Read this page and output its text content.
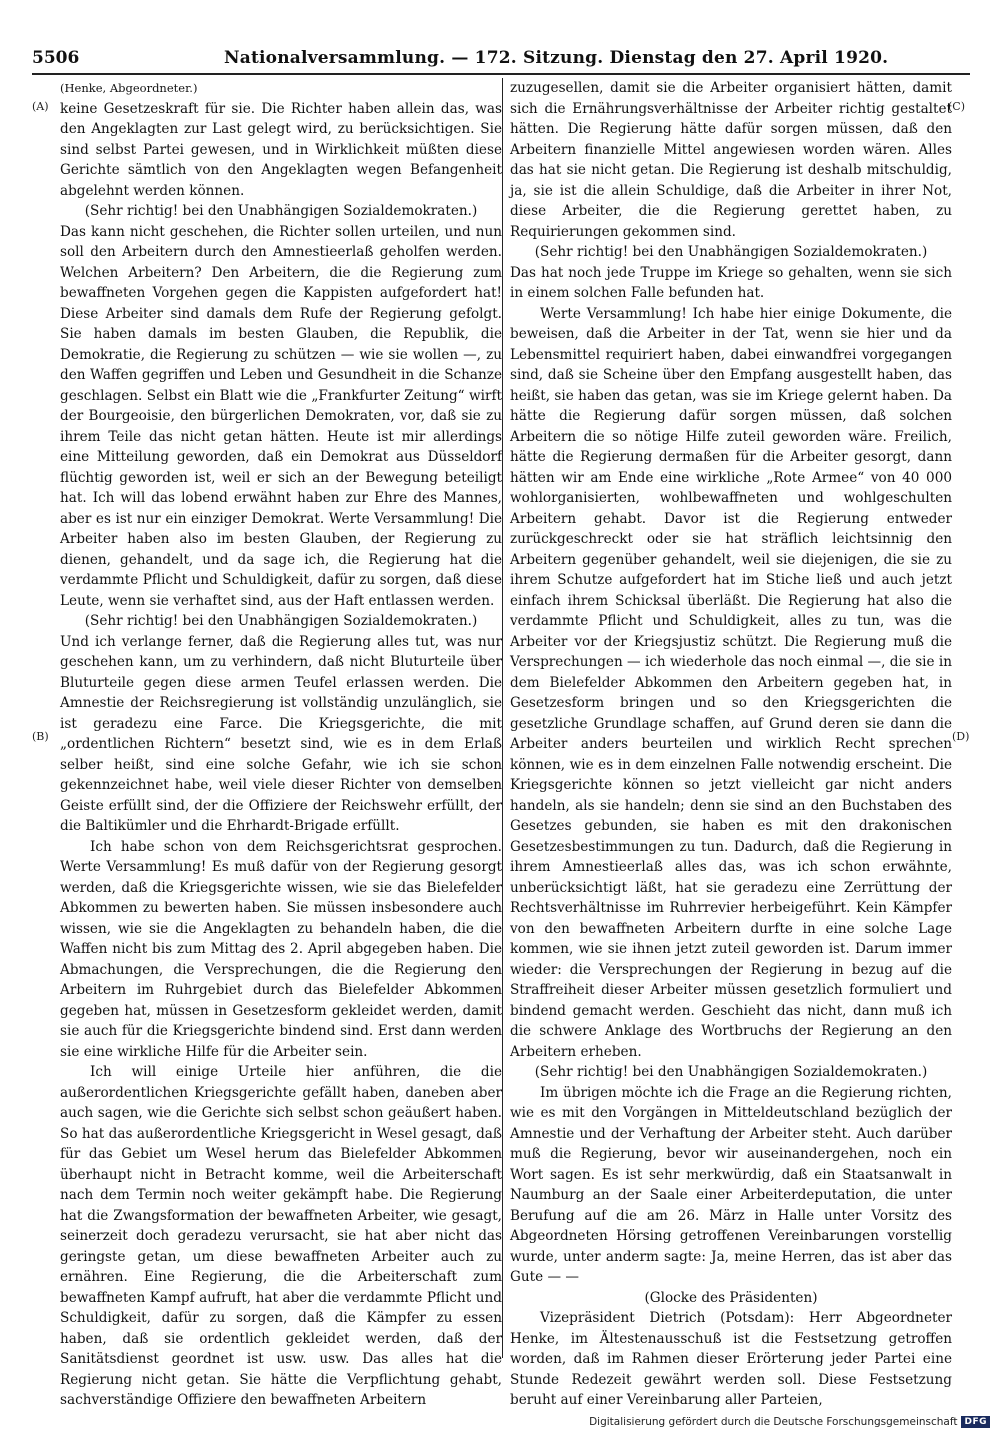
5506	Nationalversammlung. — 172. Sitzung. Dienstag den 27. April 1920.
(A)
(B)
(C)
(D)

(Henke, Abgeordneter.)

keine Gesetzeskraft für sie. Die Richter haben allein das, was den Angeklagten zur Last gelegt wird, zu berücksichtigen. Sie sind selbst Partei gewesen, und in Wirklichkeit müßten diese Gerichte sämtlich von den Angeklagten wegen Befangenheit abgelehnt werden können.

(Sehr richtig! bei den Unabhängigen Sozialdemokraten.)

Das kann nicht geschehen, die Richter sollen urteilen, und nun soll den Arbeitern durch den Amnestieerlaß geholfen werden. Welchen Arbeitern? Den Arbeitern, die die Regierung zum bewaffneten Vorgehen gegen die Kappisten aufgefordert hat! Diese Arbeiter sind damals dem Rufe der Regierung gefolgt. Sie haben damals im besten Glauben, die Republik, die Demokratie, die Regierung zu schützen — wie sie wollen —, zu den Waffen gegriffen und Leben und Gesundheit in die Schanze geschlagen. Selbst ein Blatt wie die „Frankfurter Zeitung“ wirft der Bourgeoisie, den bürgerlichen Demokraten, vor, daß sie zu ihrem Teile das nicht getan hätten. Heute ist mir allerdings eine Mitteilung geworden, daß ein Demokrat aus Düsseldorf flüchtig geworden ist, weil er sich an der Bewegung beteiligt hat. Ich will das lobend erwähnt haben zur Ehre des Mannes, aber es ist nur ein einziger Demokrat. Werte Versammlung! Die Arbeiter haben also im besten Glauben, der Regierung zu dienen, gehandelt, und da sage ich, die Regierung hat die verdammte Pflicht und Schuldigkeit, dafür zu sorgen, daß diese Leute, wenn sie verhaftet sind, aus der Haft entlassen werden.

(Sehr richtig! bei den Unabhängigen Sozialdemokraten.)

Und ich verlange ferner, daß die Regierung alles tut, was nur geschehen kann, um zu verhindern, daß nicht Bluturteile über Bluturteile gegen diese armen Teufel erlassen werden. Die Amnestie der Reichsregierung ist vollständig unzulänglich, sie ist geradezu eine Farce. Die Kriegsgerichte, die mit „ordentlichen Richtern“ besetzt sind, wie es in dem Erlaß selber heißt, sind eine solche Gefahr, wie ich sie schon gekennzeichnet habe, weil viele dieser Richter von demselben Geiste erfüllt sind, der die Offiziere der Reichswehr erfüllt, der die Baltikümler und die Ehrhardt-Brigade erfüllt.

Ich habe schon von dem Reichsgerichtsrat gesprochen. Werte Versammlung! Es muß dafür von der Regierung gesorgt werden, daß die Kriegsgerichte wissen, wie sie das Bielefelder Abkommen zu bewerten haben. Sie müssen insbesondere auch wissen, wie sie die Angeklagten zu behandeln haben, die die Waffen nicht bis zum Mittag des 2. April abgegeben haben. Die Abmachungen, die Versprechungen, die die Regierung den Arbeitern im Ruhrgebiet durch das Bielefelder Abkommen gegeben hat, müssen in Gesetzesform gekleidet werden, damit sie auch für die Kriegsgerichte bindend sind. Erst dann werden sie eine wirkliche Hilfe für die Arbeiter sein.

Ich will einige Urteile hier anführen, die die außerordentlichen Kriegsgerichte gefällt haben, daneben aber auch sagen, wie die Gerichte sich selbst schon geäußert haben. So hat das außerordentliche Kriegsgericht in Wesel gesagt, daß für das Gebiet um Wesel herum das Bielefelder Abkommen überhaupt nicht in Betracht komme, weil die Arbeiterschaft nach dem Termin noch weiter gekämpft habe. Die Regierung hat die Zwangsformation der bewaffneten Arbeiter, wie gesagt, seinerzeit doch geradezu verursacht, sie hat aber nicht das geringste getan, um diese bewaffneten Arbeiter auch zu ernähren. Eine Regierung, die die Arbeiterschaft zum bewaffneten Kampf aufruft, hat aber die verdammte Pflicht und Schuldigkeit, dafür zu sorgen, daß die Kämpfer zu essen haben, daß sie ordentlich gekleidet werden, daß der Sanitätsdienst geordnet ist usw. usw. Das alles hat die Regierung nicht getan. Sie hätte die Verpflichtung gehabt, sachverständige Offiziere den bewaffneten Arbeitern

zuzugesellen, damit sie die Arbeiter organisiert hätten, damit sich die Ernährungsverhältnisse der Arbeiter richtig gestaltet hätten. Die Regierung hätte dafür sorgen müssen, daß den Arbeitern finanzielle Mittel angewiesen worden wären. Alles das hat sie nicht getan. Die Regierung ist deshalb mitschuldig, ja, sie ist die allein Schuldige, daß die Arbeiter in ihrer Not, diese Arbeiter, die die Regierung gerettet haben, zu Requirierungen gekommen sind.

(Sehr richtig! bei den Unabhängigen Sozialdemokraten.)

Das hat noch jede Truppe im Kriege so gehalten, wenn sie sich in einem solchen Falle befunden hat.

Werte Versammlung! Ich habe hier einige Dokumente, die beweisen, daß die Arbeiter in der Tat, wenn sie hier und da Lebensmittel requiriert haben, dabei einwandfrei vorgegangen sind, daß sie Scheine über den Empfang ausgestellt haben, das heißt, sie haben das getan, was sie im Kriege gelernt haben. Da hätte die Regierung dafür sorgen müssen, daß solchen Arbeitern die so nötige Hilfe zuteil geworden wäre. Freilich, hätte die Regierung dermaßen für die Arbeiter gesorgt, dann hätten wir am Ende eine wirkliche „Rote Armee“ von 40 000 wohlorganisierten, wohlbewaffneten und wohlgeschulten Arbeitern gehabt. Davor ist die Regierung entweder zurückgeschreckt oder sie hat sträflich leichtsinnig den Arbeitern gegenüber gehandelt, weil sie diejenigen, die sie zu ihrem Schutze aufgefordert hat im Stiche ließ und auch jetzt einfach ihrem Schicksal überläßt. Die Regierung hat also die verdammte Pflicht und Schuldigkeit, alles zu tun, was die Arbeiter vor der Kriegsjustiz schützt. Die Regierung muß die Versprechungen — ich wiederhole das noch einmal —, die sie in dem Bielefelder Abkommen den Arbeitern gegeben hat, in Gesetzesform bringen und so den Kriegsgerichten die gesetzliche Grundlage schaffen, auf Grund deren sie dann die Arbeiter anders beurteilen und wirklich Recht sprechen können, wie es in dem einzelnen Falle notwendig erscheint. Die Kriegsgerichte können so jetzt vielleicht gar nicht anders handeln, als sie handeln; denn sie sind an den Buchstaben des Gesetzes gebunden, sie haben es mit den drakonischen Gesetzesbestimmungen zu tun. Dadurch, daß die Regierung in ihrem Amnestieerlaß alles das, was ich schon erwähnte, unberücksichtigt läßt, hat sie geradezu eine Zerrüttung der Rechtsverhältnisse im Ruhrrevier herbeigeführt. Kein Kämpfer von den bewaffneten Arbeitern durfte in eine solche Lage kommen, wie sie ihnen jetzt zuteil geworden ist. Darum immer wieder: die Versprechungen der Regierung in bezug auf die Straffreiheit dieser Arbeiter müssen gesetzlich formuliert und bindend gemacht werden. Geschieht das nicht, dann muß ich die schwere Anklage des Wortbruchs der Regierung an den Arbeitern erheben.

(Sehr richtig! bei den Unabhängigen Sozialdemokraten.)

Im übrigen möchte ich die Frage an die Regierung richten, wie es mit den Vorgängen in Mitteldeutschland bezüglich der Amnestie und der Verhaftung der Arbeiter steht. Auch darüber muß die Regierung, bevor wir auseinandergehen, noch ein Wort sagen. Es ist sehr merkwürdig, daß ein Staatsanwalt in Naumburg an der Saale einer Arbeiterdeputation, die unter Berufung auf die am 26. März in Halle unter Vorsitz des Abgeordneten Hörsing getroffenen Vereinbarungen vorstellig wurde, unter anderm sagte: Ja, meine Herren, das ist aber das Gute — —

(Glocke des Präsidenten)

Vizepräsident Dietrich (Potsdam): Herr Abgeordneter Henke, im Ältestenausschuß ist die Festsetzung getroffen worden, daß im Rahmen dieser Erörterung jeder Partei eine Stunde Redezeit gewährt werden soll. Diese Festsetzung beruht auf einer Vereinbarung aller Parteien,

Digitalisierung gefördert durch die Deutsche Forschungsgemeinschaft DFG
